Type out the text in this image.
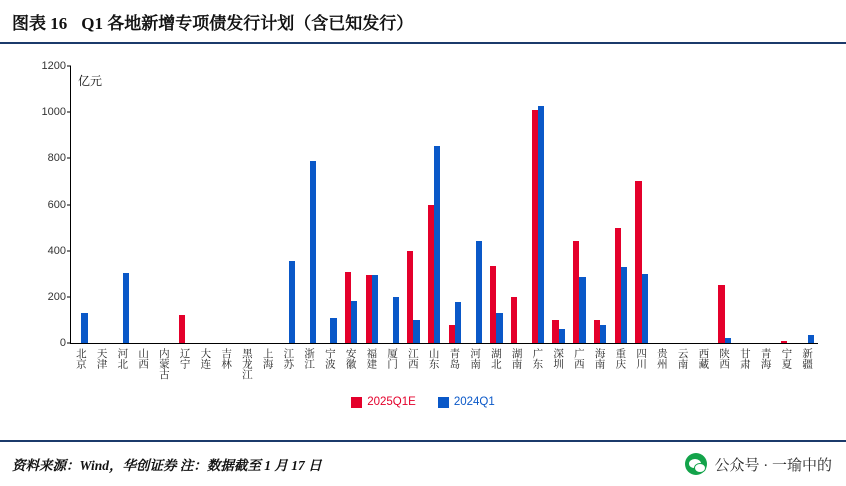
图表 16 Q1 各地新增专项债发行计划（含已知发行）
亿元
0
200
400
600
800
1000
1200
北京 天津 河北 山西 内蒙古 辽宁 大连 吉林 黑龙江 上海 江苏 浙江 宁波 安徽 福建 厦门 江西 山东 青岛 河南 湖北 湖南 广东 深圳 广西 海南 重庆 四川 贵州 云南 西藏 陕西 甘肃 青海 宁夏 新疆
2025Q1E	2024Q1
资料来源：Wind，华创证券 注：数据截至 1 月 17 日	公众号 · 一瑜中的
